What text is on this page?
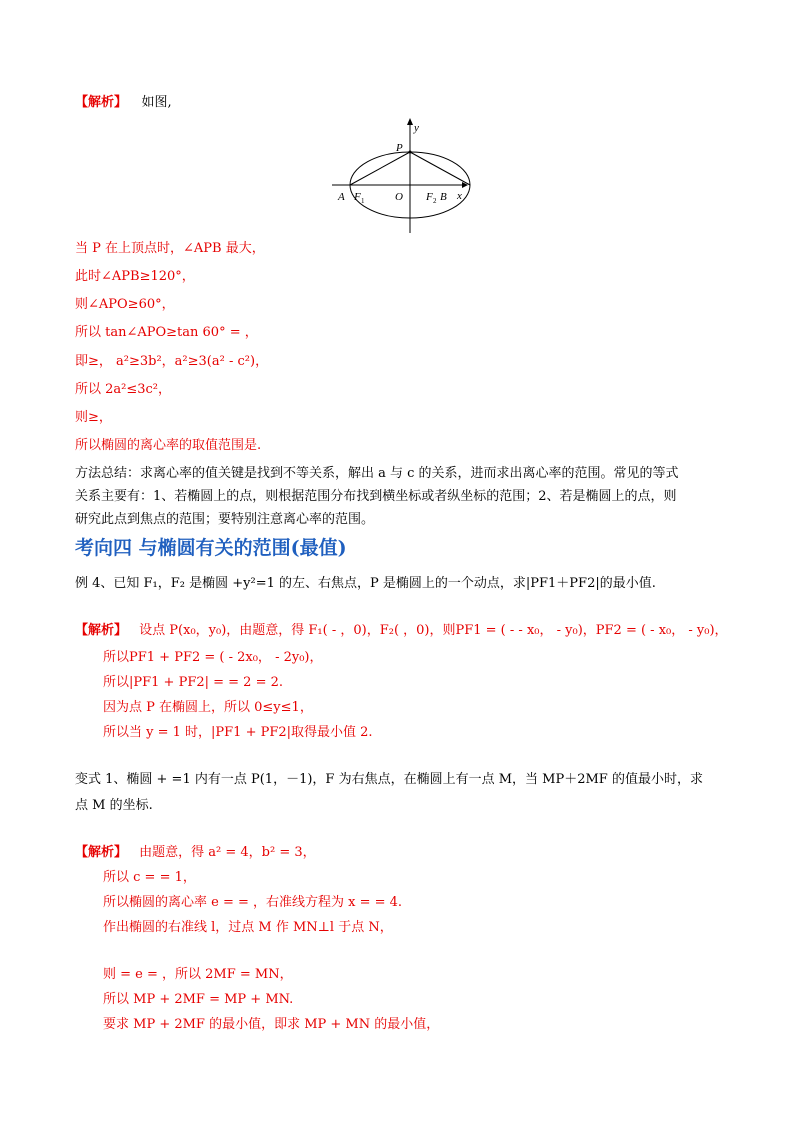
【解析】 如图,
y
x
P
A F 1	O F 2 B
当 P 在上顶点时，∠APB 最大，
此时∠APB≥120°，
则∠APO≥60°，
所以 tan∠APO≥tan 60° = ，
即≥， a²≥3b²，a²≥3(a² - c²)，
所以 2a²≤3c²，
则≥，
所以椭圆的离心率的取值范围是.
方法总结：求离心率的值关键是找到不等关系，解出 a 与 c 的关系，进而求出离心率的范围。常见的等式
关系主要有：1、若椭圆上的点，则根据范围分布找到横坐标或者纵坐标的范围；2、若是椭圆上的点，则
研究此点到焦点的范围；要特别注意离心率的范围。
考向四 与椭圆有关的范围(最值)
例 4、已知 F₁，F₂ 是椭圆 +y²=1 的左、右焦点，P 是椭圆上的一个动点，求|PF1＋PF2|的最小值.
【解析】 设点 P(x₀，y₀)，由题意，得 F₁( - ，0)，F₂( ，0)，则PF1 = ( - - x₀， - y₀)，PF2 = ( - x₀， - y₀)，
所以PF1 + PF2 = ( - 2x₀， - 2y₀)，
所以|PF1 + PF2| = = 2 = 2.
因为点 P 在椭圆上，所以 0≤y≤1，
所以当 y = 1 时，|PF1 + PF2|取得最小值 2.
变式 1、椭圆 + =1 内有一点 P(1，－1)，F 为右焦点，在椭圆上有一点 M，当 MP＋2MF 的值最小时，求
点 M 的坐标.
【解析】 由题意，得 a² = 4，b² = 3，
所以 c = = 1，
所以椭圆的离心率 e = = ，右准线方程为 x = = 4.
作出椭圆的右准线 l，过点 M 作 MN⊥l 于点 N，
则 = e = ，所以 2MF = MN，
所以 MP + 2MF = MP + MN.
要求 MP + 2MF 的最小值，即求 MP + MN 的最小值，
